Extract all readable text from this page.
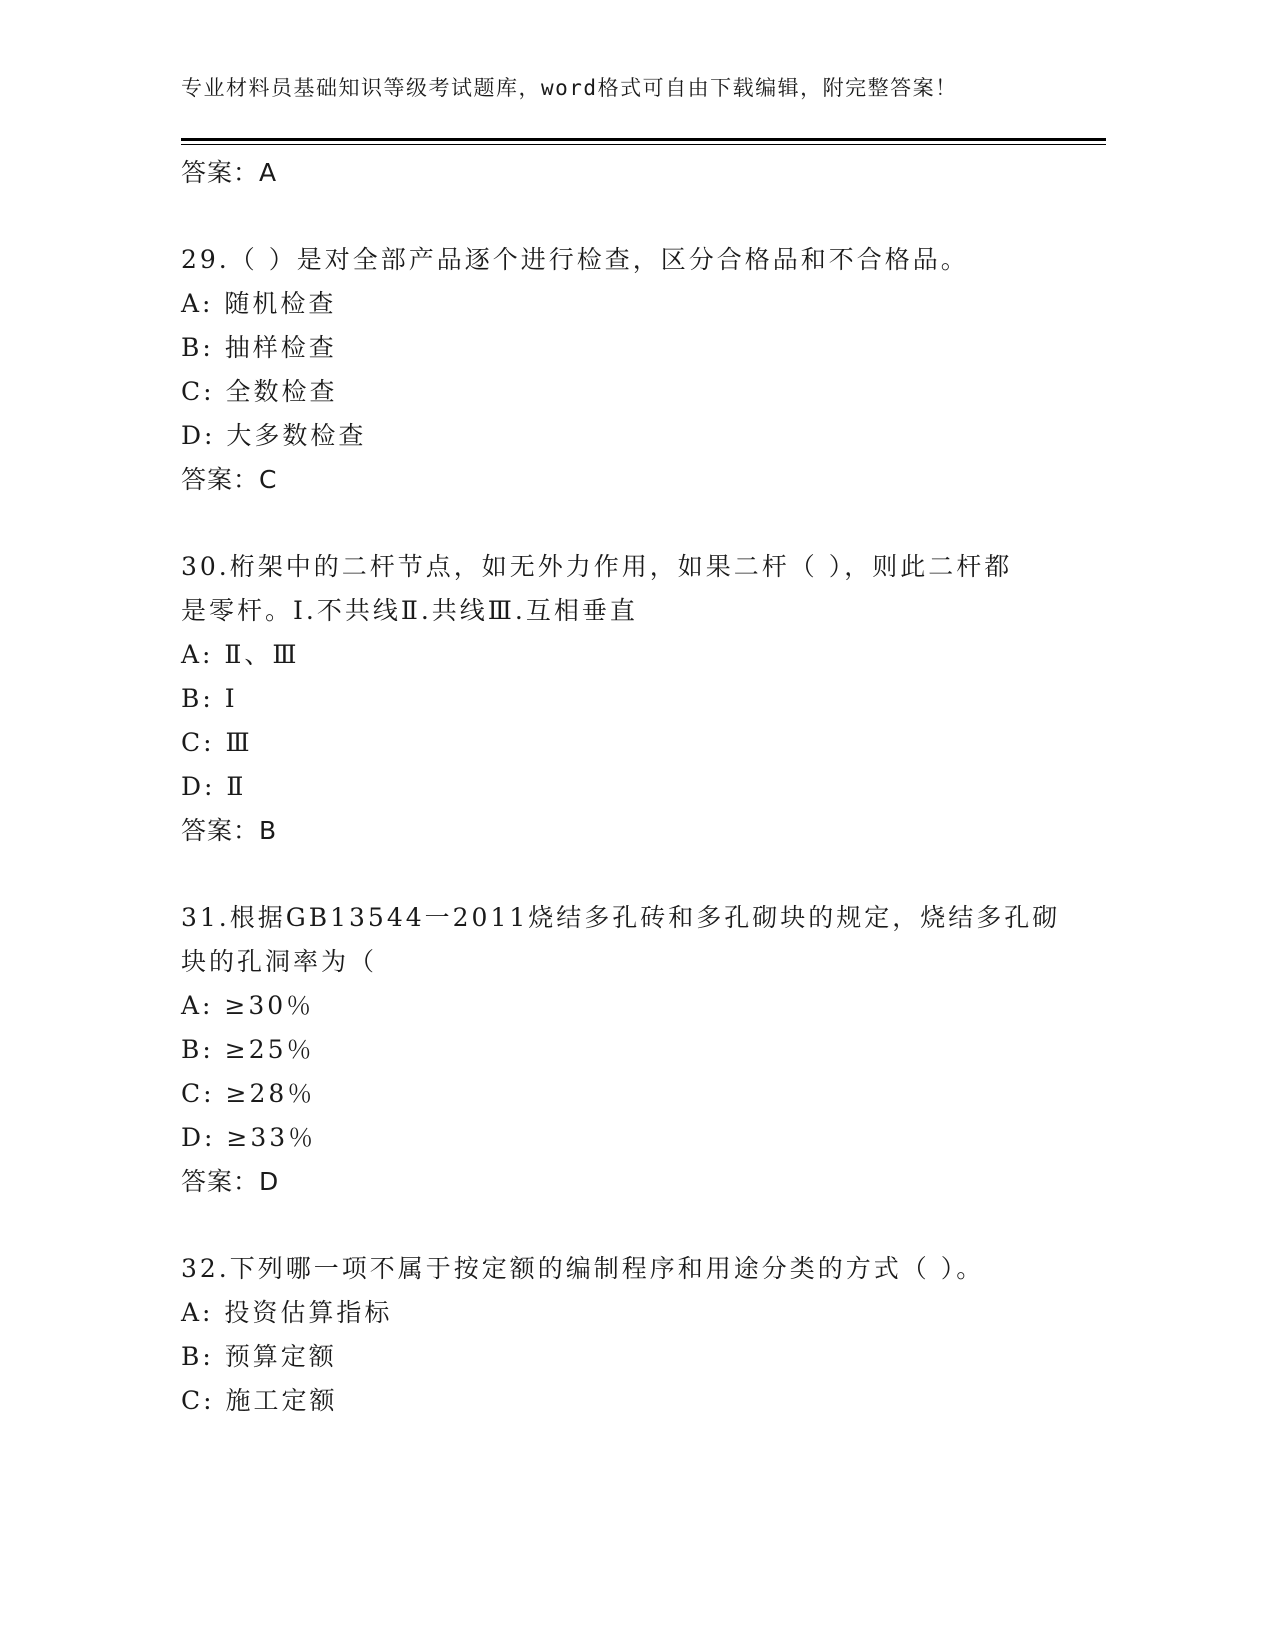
专业材料员基础知识等级考试题库，word格式可自由下载编辑，附完整答案！
答案：A
29.（ ）是对全部产品逐个进行检查，区分合格品和不合格品。
A: 随机检查
B: 抽样检查
C: 全数检查
D: 大多数检查
答案：C
30.桁架中的二杆节点，如无外力作用，如果二杆（ ），则此二杆都
是零杆。I.不共线Ⅱ.共线Ⅲ.互相垂直
A: Ⅱ、Ⅲ
B: Ⅰ
C: Ⅲ
D: Ⅱ
答案：B
31.根据GB13544一2011烧结多孔砖和多孔砌块的规定，烧结多孔砌
块的孔洞率为（
A: ≥30％
B: ≥25％
C: ≥28％
D: ≥33％
答案：D
32.下列哪一项不属于按定额的编制程序和用途分类的方式（ ）。
A: 投资估算指标
B: 预算定额
C: 施工定额
